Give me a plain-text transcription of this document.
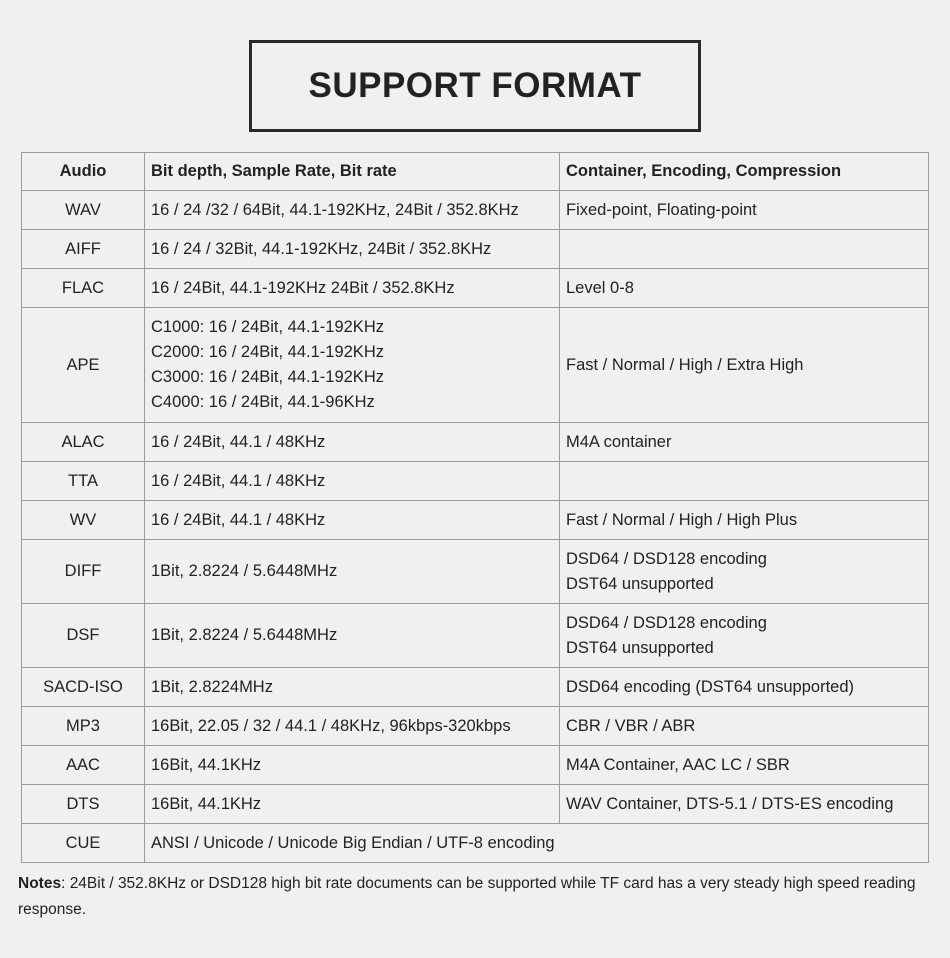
SUPPORT FORMAT
Audio	Bit depth, Sample Rate, Bit rate	Container, Encoding, Compression
WAV	16 / 24 /32 / 64Bit, 44.1-192KHz, 24Bit / 352.8KHz	Fixed-point, Floating-point

AIFF	16 / 24 / 32Bit, 44.1-192KHz, 24Bit / 352.8KHz	

FLAC	16 / 24Bit, 44.1-192KHz 24Bit / 352.8KHz	Level 0-8

APE	C1000: 16 / 24Bit, 44.1-192KHz
C2000: 16 / 24Bit, 44.1-192KHz
C3000: 16 / 24Bit, 44.1-192KHz
C4000: 16 / 24Bit, 44.1-96KHz	Fast / Normal / High / Extra High

ALAC	16 / 24Bit, 44.1 / 48KHz	M4A container

TTA	16 / 24Bit, 44.1 / 48KHz	

WV	16 / 24Bit, 44.1 / 48KHz	Fast / Normal / High / High Plus

DIFF	1Bit, 2.8224 / 5.6448MHz	DSD64 / DSD128 encoding
DST64 unsupported

DSF	1Bit, 2.8224 / 5.6448MHz	DSD64 / DSD128 encoding
DST64 unsupported

SACD-ISO	1Bit, 2.8224MHz	DSD64 encoding (DST64 unsupported)

MP3	16Bit, 22.05 / 32 / 44.1 / 48KHz, 96kbps-320kbps	CBR / VBR / ABR

AAC	16Bit, 44.1KHz	M4A Container, AAC LC / SBR

DTS	16Bit, 44.1KHz	WAV Container, DTS-5.1 / DTS-ES encoding

CUE	ANSI / Unicode / Unicode Big Endian / UTF-8 encoding	
Notes: 24Bit / 352.8KHz or DSD128 high bit rate documents can be supported while TF card has a very steady high speed reading response.
